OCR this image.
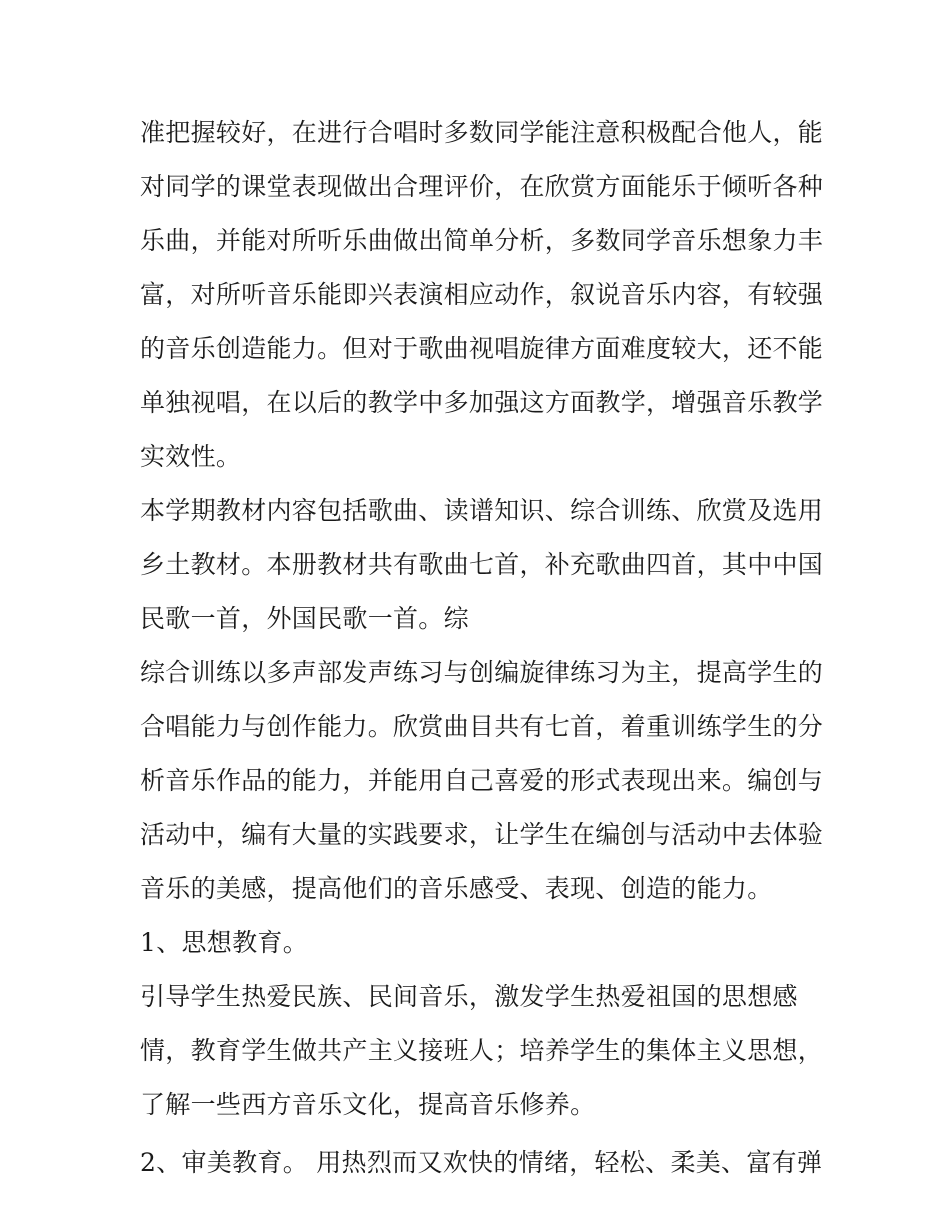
准把握较好，在进行合唱时多数同学能注意积极配合他人，能
对同学的课堂表现做出合理评价，在欣赏方面能乐于倾听各种
乐曲，并能对所听乐曲做出简单分析，多数同学音乐想象力丰
富，对所听音乐能即兴表演相应动作，叙说音乐内容，有较强
的音乐创造能力。但对于歌曲视唱旋律方面难度较大，还不能
单独视唱，在以后的教学中多加强这方面教学，增强音乐教学
实效性。
本学期教材内容包括歌曲、读谱知识、综合训练、欣赏及选用
乡土教材。本册教材共有歌曲七首，补充歌曲四首，其中中国
民歌一首，外国民歌一首。综
综合训练以多声部发声练习与创编旋律练习为主，提高学生的
合唱能力与创作能力。欣赏曲目共有七首，着重训练学生的分
析音乐作品的能力，并能用自己喜爱的形式表现出来。编创与
活动中，编有大量的实践要求，让学生在编创与活动中去体验
音乐的美感，提高他们的音乐感受、表现、创造的能力。
1、思想教育。
引导学生热爱民族、民间音乐，激发学生热爱祖国的思想感
情，教育学生做共产主义接班人；培养学生的集体主义思想，
了解一些西方音乐文化，提高音乐修养。
2、审美教育。 用热烈而又欢快的情绪，轻松、柔美、富有弹
